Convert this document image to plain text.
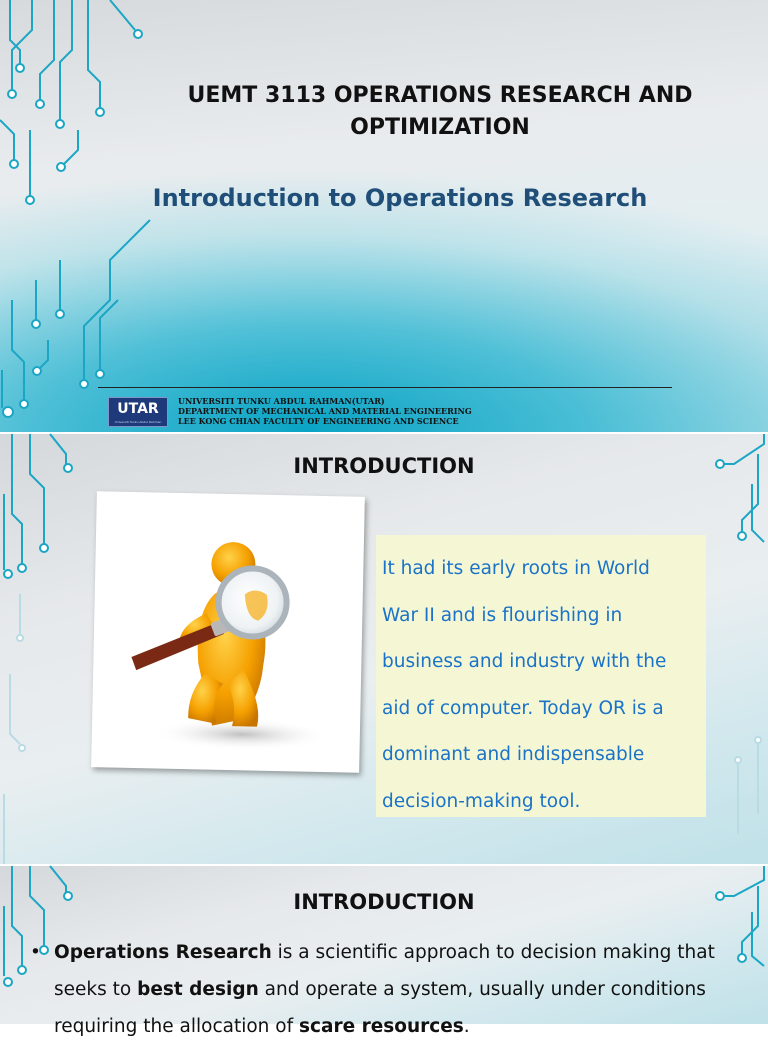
UEMT 3113 OPERATIONS RESEARCH AND
OPTIMIZATION
Introduction to Operations Research
UTAR
Universiti Tunku Abdul Rahman
UNIVERSITI TUNKU ABDUL RAHMAN(UTAR)
DEPARTMENT OF MECHANICAL AND MATERIAL ENGINEERING
LEE KONG CHIAN FACULTY OF ENGINEERING AND SCIENCE
INTRODUCTION

It had its early roots in World

War II and is flourishing in

business and industry with the

aid of computer. Today OR is a

dominant and indispensable

decision-making tool.

INTRODUCTION
• Operations Research is a scientific approach to decision making that seeks to best design and operate a system, usually under conditions requiring the allocation of scare resources.
